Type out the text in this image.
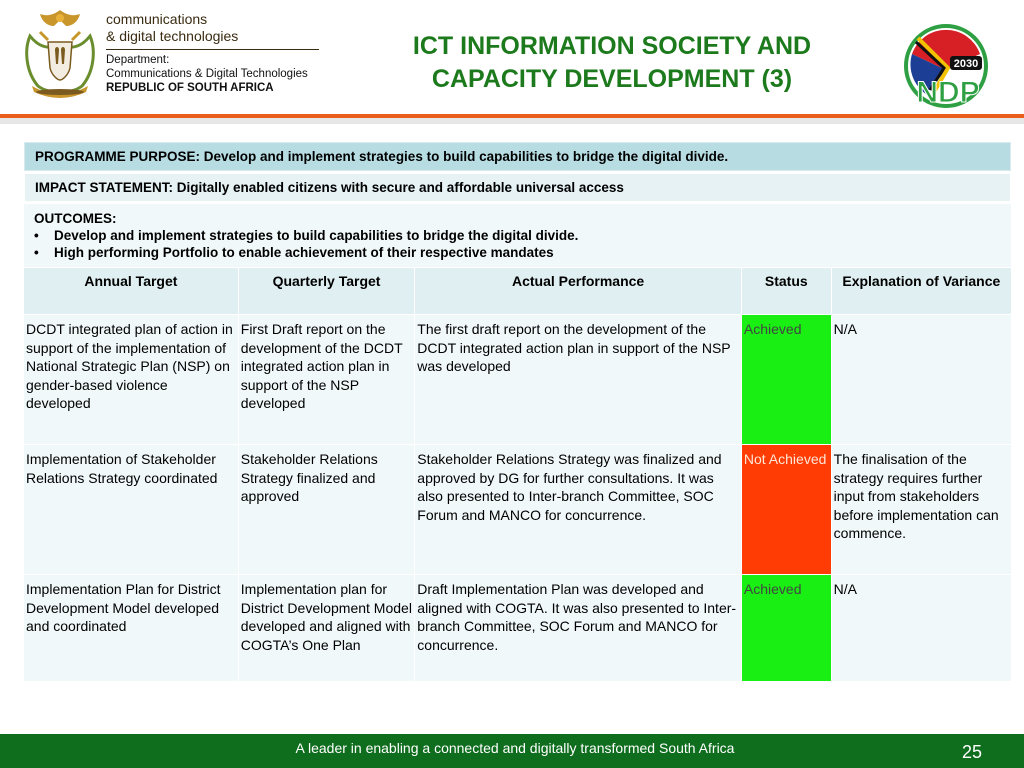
communications
& digital technologies
Department:
Communications & Digital Technologies
REPUBLIC OF SOUTH AFRICA
ICT INFORMATION SOCIETY AND
CAPACITY DEVELOPMENT (3)
2030
NDP
PROGRAMME PURPOSE: Develop and implement strategies to build capabilities to bridge the digital divide.
IMPACT STATEMENT: Digitally enabled citizens with secure and affordable universal access
OUTCOMES:
•	Develop and implement strategies to build capabilities to bridge the digital divide.
•	High performing Portfolio to enable achievement of their respective mandates
Annual Target	Quarterly Target	Actual Performance	Status	Explanation of Variance
DCDT integrated plan of action in support of the implementation of National Strategic Plan (NSP) on gender-based violence developed	First Draft report on the development of the DCDT integrated action plan in support of the NSP developed	The first draft report on the development of the DCDT integrated action plan in support of the NSP was developed	Achieved	N/A
Implementation of Stakeholder Relations Strategy coordinated	Stakeholder Relations Strategy finalized and approved	Stakeholder Relations Strategy was finalized and approved by DG for further consultations. It was also presented to Inter-branch Committee, SOC Forum and MANCO for concurrence.	Not Achieved	The finalisation of the strategy requires further input from stakeholders before implementation can commence.
Implementation Plan for District Development Model developed and coordinated	Implementation plan for District Development Model developed and aligned with COGTA’s One Plan	Draft Implementation Plan was developed and aligned with COGTA. It was also presented to Inter-branch Committee, SOC Forum and MANCO for concurrence.	Achieved	N/A
A leader in enabling a connected and digitally transformed South Africa	25
